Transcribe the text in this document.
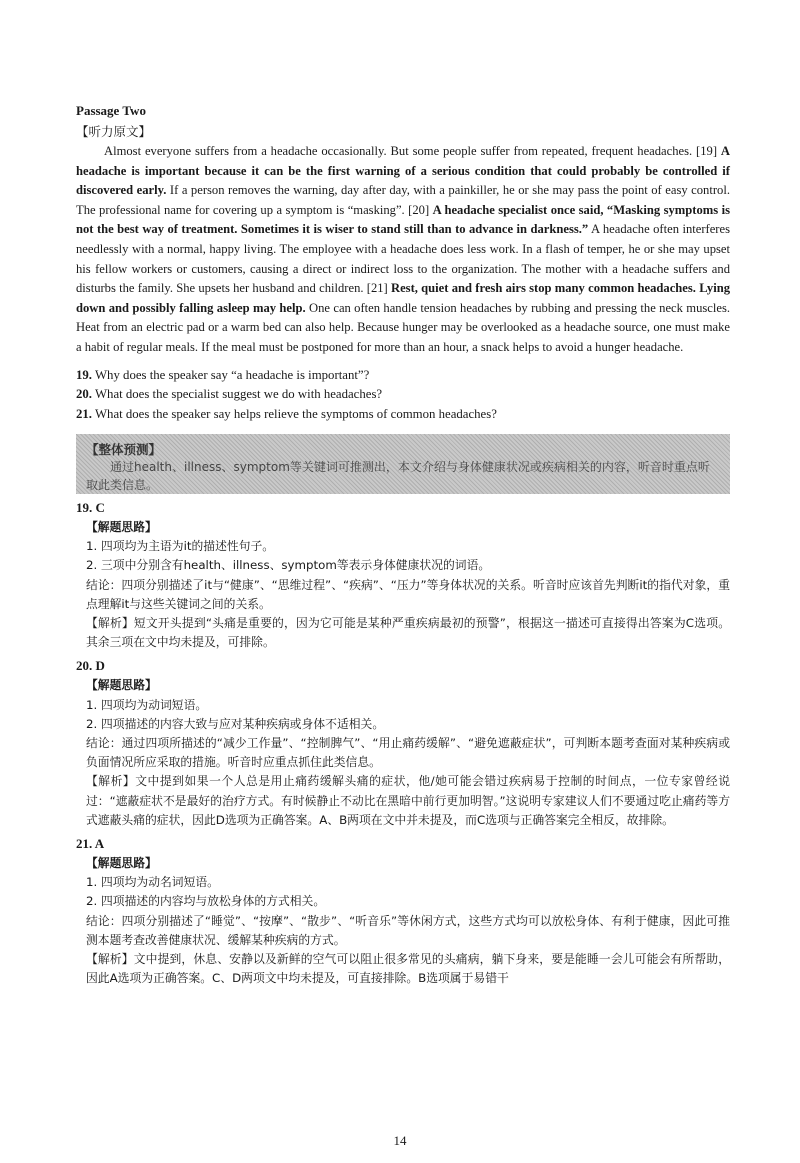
Passage Two
【听力原文】

Almost everyone suffers from a headache occasionally. But some people suffer from repeated, frequent headaches. [19] A headache is important because it can be the first warning of a serious condition that could probably be controlled if discovered early. If a person removes the warning, day after day, with a painkiller, he or she may pass the point of easy control. The professional name for covering up a symptom is “masking”. [20] A headache specialist once said, “Masking symptoms is not the best way of treatment. Sometimes it is wiser to stand still than to advance in darkness.” A headache often interferes needlessly with a normal, happy living. The employee with a headache does less work. In a flash of temper, he or she may upset his fellow workers or customers, causing a direct or indirect loss to the organization. The mother with a headache suffers and disturbs the family. She upsets her husband and children. [21] Rest, quiet and fresh airs stop many common headaches. Lying down and possibly falling asleep may help. One can often handle tension headaches by rubbing and pressing the neck muscles. Heat from an electric pad or a warm bed can also help. Because hunger may be overlooked as a headache source, one must make a habit of regular meals. If the meal must be postponed for more than an hour, a snack helps to avoid a hunger headache.

19. Why does the speaker say “a headache is important”?
20. What does the specialist suggest we do with headaches?
21. What does the speaker say helps relieve the symptoms of common headaches?
【整体预测】
通过health、illness、symptom等关键词可推测出，本文介绍与身体健康状况或疾病相关的内容，听音时重点听取此类信息。
19. C
【解题思路】
1. 四项均为主语为it的描述性句子。
2. 三项中分别含有health、illness、symptom等表示身体健康状况的词语。
结论：四项分别描述了it与“健康”、“思维过程”、“疾病”、“压力”等身体状况的关系。听音时应该首先判断it的指代对象，重点理解it与这些关键词之间的关系。
【解析】短文开头提到“头痛是重要的，因为它可能是某种严重疾病最初的预警”，根据这一描述可直接得出答案为C选项。其余三项在文中均未提及，可排除。
20. D
【解题思路】
1. 四项均为动词短语。
2. 四项描述的内容大致与应对某种疾病或身体不适相关。
结论：通过四项所描述的“减少工作量”、“控制脾气”、“用止痛药缓解”、“避免遮蔽症状”，可判断本题考查面对某种疾病或负面情况所应采取的措施。听音时应重点抓住此类信息。
【解析】文中提到如果一个人总是用止痛药缓解头痛的症状，他/她可能会错过疾病易于控制的时间点，一位专家曾经说过：“遮蔽症状不是最好的治疗方式。有时候静止不动比在黑暗中前行更加明智。”这说明专家建议人们不要通过吃止痛药等方式遮蔽头痛的症状，因此D选项为正确答案。A、B两项在文中并未提及，而C选项与正确答案完全相反，故排除。
21. A
【解题思路】
1. 四项均为动名词短语。
2. 四项描述的内容均与放松身体的方式相关。
结论：四项分别描述了“睡觉”、“按摩”、“散步”、“听音乐”等休闲方式，这些方式均可以放松身体、有利于健康，因此可推测本题考查改善健康状况、缓解某种疾病的方式。
【解析】文中提到，休息、安静以及新鲜的空气可以阻止很多常见的头痛病，躺下身来，要是能睡一会儿可能会有所帮助，因此A选项为正确答案。C、D两项文中均未提及，可直接排除。B选项属于易错干
14
